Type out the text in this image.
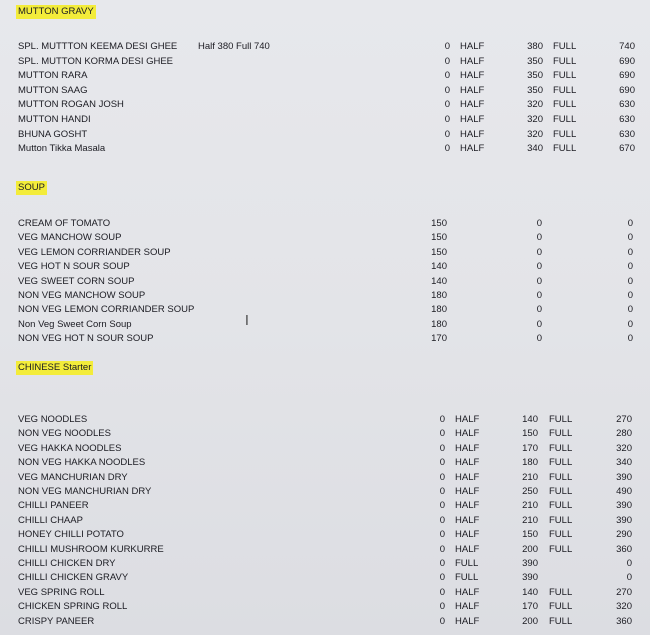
MUTTON GRAVY
SPL. MUTTTON KEEMA DESI GHEE Half 380 Full 740	0 HALF	380 FULL	740
SPL. MUTTON KORMA DESI GHEE	0 HALF	350 FULL	690
MUTTON RARA	0 HALF	350 FULL	690
MUTTON SAAG	0 HALF	350 FULL	690
MUTTON ROGAN JOSH	0 HALF	320 FULL	630
MUTTON HANDI	0 HALF	320 FULL	630
BHUNA GOSHT	0 HALF	320 FULL	630
Mutton Tikka Masala	0 HALF	340 FULL	670
SOUP
CREAM OF TOMATO	150	0	0
VEG MANCHOW SOUP	150	0	0
VEG LEMON CORRIANDER SOUP	150	0	0
VEG HOT N SOUR SOUP	140	0	0
VEG SWEET CORN SOUP	140	0	0
NON VEG MANCHOW SOUP	180	0	0
NON VEG LEMON CORRIANDER SOUP	180	0	0
Non Veg Sweet Corn Soup	180	0	0
NON VEG HOT N SOUR SOUP	170	0	0
CHINESE Starter
VEG NOODLES	0 HALF	140 FULL	270
NON VEG NOODLES	0 HALF	150 FULL	280
VEG HAKKA NOODLES	0 HALF	170 FULL	320
NON VEG HAKKA NOODLES	0 HALF	180 FULL	340
VEG MANCHURIAN DRY	0 HALF	210 FULL	390
NON VEG MANCHURIAN DRY	0 HALF	250 FULL	490
CHILLI PANEER	0 HALF	210 FULL	390
CHILLI CHAAP	0 HALF	210 FULL	390
HONEY CHILLI POTATO	0 HALF	150 FULL	290
CHILLI MUSHROOM KURKURRE	0 HALF	200 FULL	360
CHILLI CHICKEN DRY	0 FULL	390	0
CHILLI CHICKEN GRAVY	0 FULL	390	0
VEG SPRING ROLL	0 HALF	140 FULL	270
CHICKEN SPRING ROLL	0 HALF	170 FULL	320
CRISPY PANEER	0 HALF	200 FULL	360
I
